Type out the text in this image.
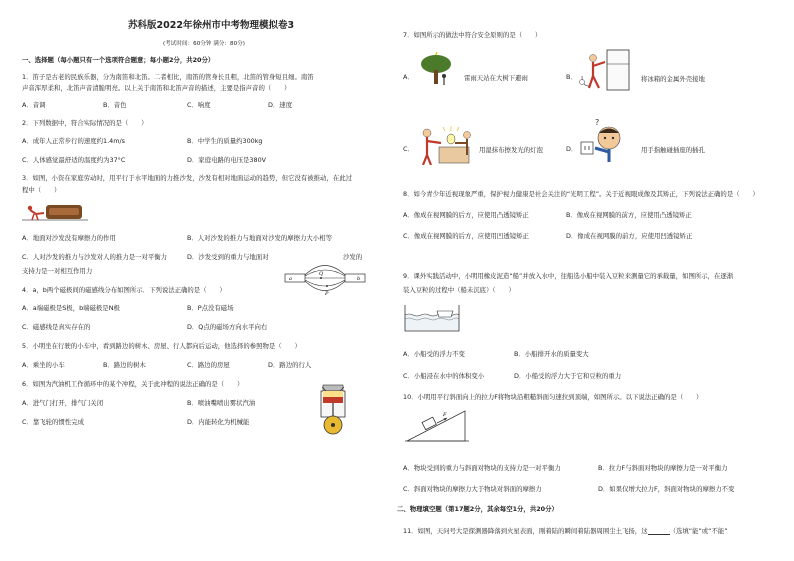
苏科版2022年徐州市中考物理模拟卷3
(考试时间：60分钟 满分：80分)
一、选择题（每小题只有一个选项符合题意；每小题2分，共20分）
1．笛子是古老的民族乐器，分为南笛和北笛。二者相比，南笛的管身长且粗，北笛的管身短且细。南笛
声音浑厚柔和，北笛声音清脆明亮。以上关于南笛和北笛声音的描述，主要是指声音的（　　）
A．音调	B．音色	C．响度	D．速度
2．下列数据中，符合实际情况的是（　　）
A．成年人正常步行的速度约1.4m/s	B．中学生的质量约300kg
C．人体感觉最舒适的温度约为37°C	D．家庭电路的电压是380V
3．如图，小资在家庭劳动时，用平行于水平地面的力推沙发，沙发有相对地面运动的趋势，但它没有被推动，在此过
程中（　　）
A．地面对沙发没有摩擦力的作用	B．人对沙发的推力与地面对沙发的摩擦力大小相等
C．人对沙发的推力与沙发对人的推力是一对平衡力	D．沙发受到的重力与地面对	沙发的
支持力是一对相互作用力
a	b
P
Q
4．a，b两个磁极间的磁感线分布如图所示．下列说法正确的是（　　）
A．a端磁极是S极，b端磁极是N极	B．P点没有磁场
C．磁感线是真实存在的	D．Q点的磁场方向水平向右
5．小明坐在行驶的小车中，看到路边的树木、房屋、行人都向后运动，他选择的参照物是（　　）
A．乘坐的小车	B．路边的树木	C．路边的房屋	D．路边的行人
6．如图为汽油机工作循环中的某个冲程，关于此冲程的说法正确的是（　　）
A．进气门打开，排气门关闭	B．喷油嘴喷出雾状汽油
C．靠飞轮的惯性完成	D．内能转化为机械能
二、物理填空题（第17题2分，其余每空1分，共20分）
7．如图所示的做法中符合安全原则的是（　　）
A．	雷雨天站在大树下避雨	B．	将冰箱的金属外壳接地
C．	用湿抹布擦发光的灯泡	D．
?
用手指触碰插座的插孔
8．如今青少年近视现象严重，保护视力健康是社会关注的“光明工程”。关于近视眼成像及其矫正，下列说法正确的是（　　）
A．像成在视网膜的后方，应使用凸透镜矫正	B．像成在视网膜的前方，应使用凸透镜矫正
C．像成在视网膜的后方，应使用凹透镜矫正	D．像成在视网膜的前方，应使用凹透镜矫正
9．课外实践活动中，小明用橡皮泥造“船”并放入水中，往船选小船中装入豆粒来测量它的承载量，如图所示，在逐渐
装入豆粒的过程中（船未沉底）（　　）
A．小船受的浮力不变	B．小船排开水的质量变大
C．小船浸在水中的体积变小	D．小船受的浮力大于它和豆粒的重力
10．小明用平行斜面向上的拉力F将物块沿粗糙斜面匀速拉到顶端，如图所示。以下说法正确的是（　　）
F
A．物块受到的重力与斜面对物块的支持力是一对平衡力	B．拉力F与斜面对物块的摩擦力是一对平衡力
C．斜面对物块的摩擦力大于物块对斜面的摩擦力	D．如果仅增大拉力F，斜面对物块的摩擦力不变
11．如图，天问号大是探测器降落到火星表面，刚着陆的瞬间着陆器周围尘土飞扬，这	（选填“能”或“不能”
